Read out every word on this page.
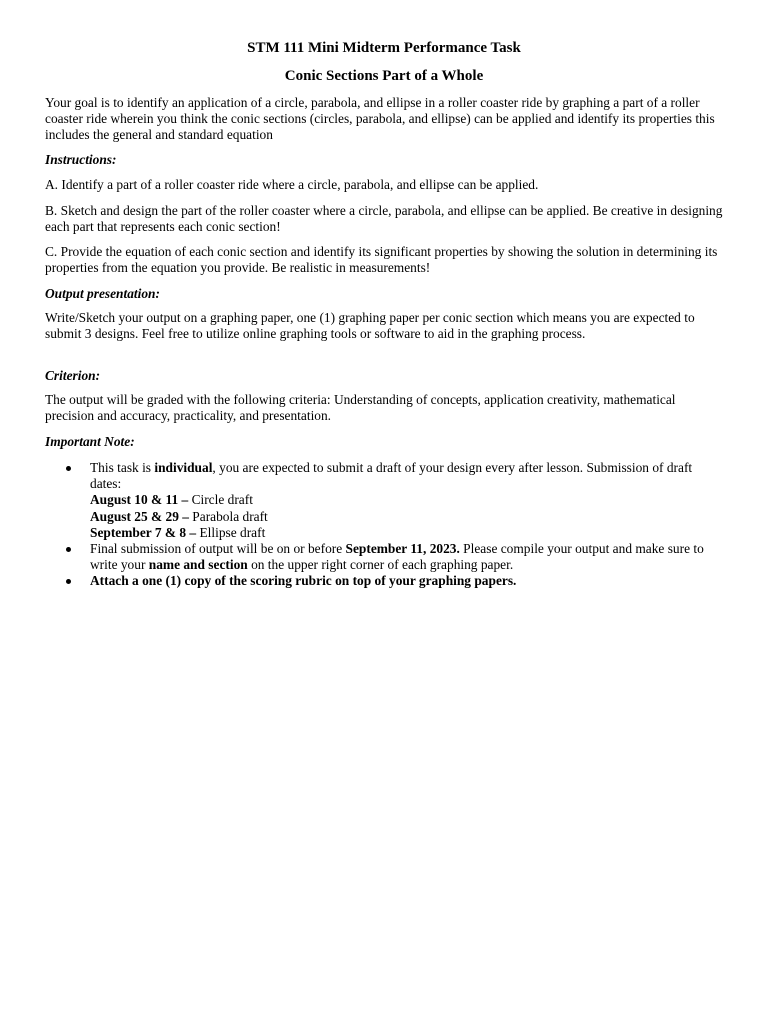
STM 111 Mini Midterm Performance Task
Conic Sections Part of a Whole

Your goal is to identify an application of a circle, parabola, and ellipse in a roller coaster ride by graphing a part of a roller coaster ride wherein you think the conic sections (circles, parabola, and ellipse) can be applied and identify its properties this includes the general and standard equation

Instructions:

A. Identify a part of a roller coaster ride where a circle, parabola, and ellipse can be applied.

B. Sketch and design the part of the roller coaster where a circle, parabola, and ellipse can be applied. Be creative in designing each part that represents each conic section!

C. Provide the equation of each conic section and identify its significant properties by showing the solution in determining its properties from the equation you provide. Be realistic in measurements!

Output presentation:

Write/Sketch your output on a graphing paper, one (1) graphing paper per conic section which means you are expected to submit 3 designs. Feel free to utilize online graphing tools or software to aid in the graphing process.

Criterion:

The output will be graded with the following criteria: Understanding of concepts, application creativity, mathematical precision and accuracy, practicality, and presentation.

Important Note:

This task is individual, you are expected to submit a draft of your design every after lesson. Submission of draft dates:
August 10 & 11 – Circle draft
August 25 & 29 – Parabola draft
September 7 & 8 – Ellipse draft
Final submission of output will be on or before September 11, 2023. Please compile your output and make sure to write your name and section on the upper right corner of each graphing paper.
Attach a one (1) copy of the scoring rubric on top of your graphing papers.
